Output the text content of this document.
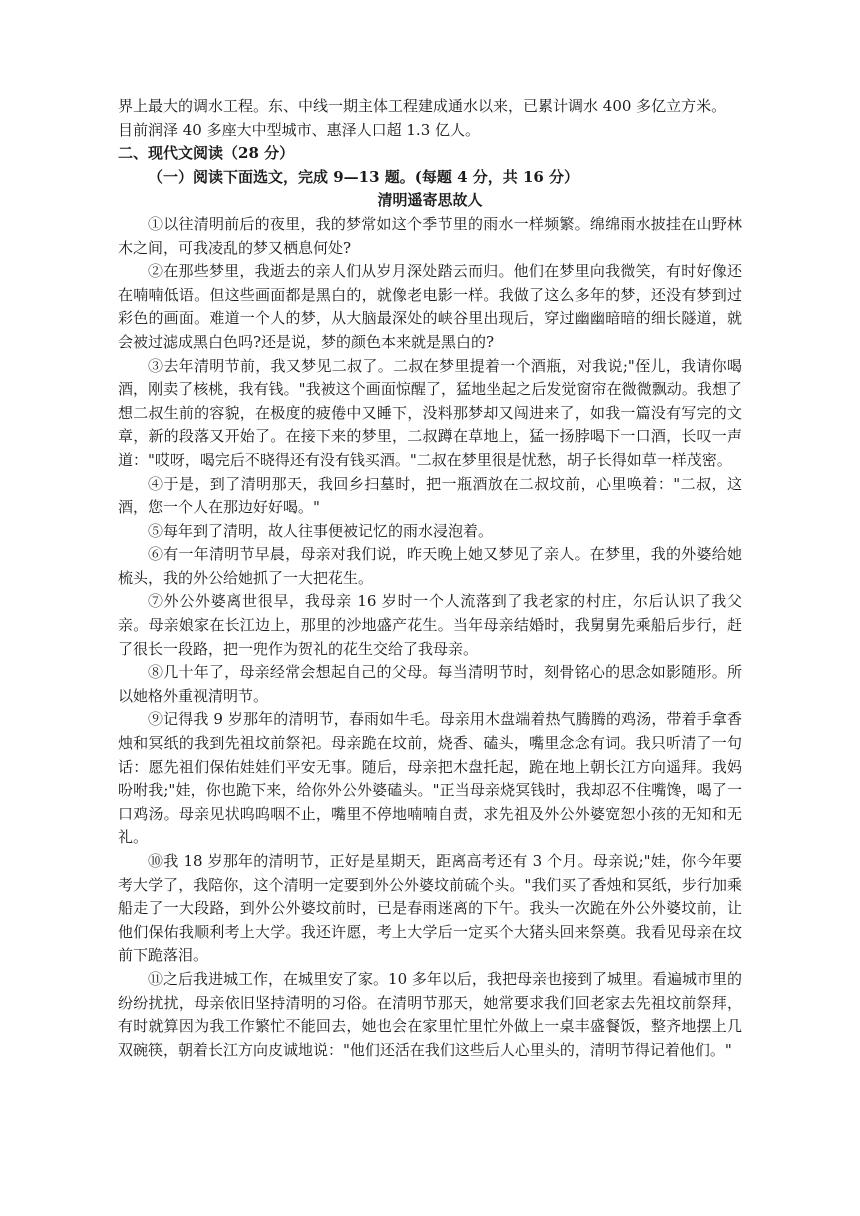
界上最大的调水工程。东、中线一期主体工程建成通水以来，已累计调水 400 多亿立方米。

目前润泽 40 多座大中型城市、惠泽人口超 1.3 亿人。

二、现代文阅读（28 分）

（一）阅读下面选文，完成 9—13 题。(每题 4 分，共 16 分）

清明遥寄思故人

①以往清明前后的夜里，我的梦常如这个季节里的雨水一样频繁。绵绵雨水披挂在山野林木之间，可我凌乱的梦又栖息何处?

②在那些梦里，我逝去的亲人们从岁月深处踏云而归。他们在梦里向我微笑，有时好像还在喃喃低语。但这些画面都是黑白的，就像老电影一样。我做了这么多年的梦，还没有梦到过彩色的画面。难道一个人的梦，从大脑最深处的峡谷里出现后，穿过幽幽暗暗的细长隧道，就会被过滤成黑白色吗?还是说，梦的颜色本来就是黑白的?

③去年清明节前，我又梦见二叔了。二叔在梦里提着一个酒瓶，对我说;"侄儿，我请你喝酒，刚卖了核桃，我有钱。"我被这个画面惊醒了，猛地坐起之后发觉窗帘在微微飘动。我想了想二叔生前的容貌，在极度的疲倦中又睡下，没料那梦却又闯进来了，如我一篇没有写完的文章，新的段落又开始了。在接下来的梦里，二叔蹲在草地上，猛一扬脖喝下一口酒，长叹一声道："哎呀，喝完后不晓得还有没有钱买酒。"二叔在梦里很是忧愁，胡子长得如草一样茂密。

④于是，到了清明那天，我回乡扫墓时，把一瓶酒放在二叔坟前，心里唤着："二叔，这酒，您一个人在那边好好喝。"

⑤每年到了清明，故人往事便被记忆的雨水浸泡着。

⑥有一年清明节早晨，母亲对我们说，昨天晚上她又梦见了亲人。在梦里，我的外婆给她梳头，我的外公给她抓了一大把花生。

⑦外公外婆离世很早，我母亲 16 岁时一个人流落到了我老家的村庄，尔后认识了我父亲。母亲娘家在长江边上，那里的沙地盛产花生。当年母亲结婚时，我舅舅先乘船后步行，赶了很长一段路，把一兜作为贺礼的花生交给了我母亲。

⑧几十年了，母亲经常会想起自己的父母。每当清明节时，刻骨铭心的思念如影随形。所以她格外重视清明节。

⑨记得我 9 岁那年的清明节，春雨如牛毛。母亲用木盘端着热气腾腾的鸡汤，带着手拿香烛和冥纸的我到先祖坟前祭祀。母亲跪在坟前，烧香、磕头，嘴里念念有词。我只听清了一句话：愿先祖们保佑娃娃们平安无事。随后，母亲把木盘托起，跪在地上朝长江方向遥拜。我妈吩咐我;"娃，你也跪下来，给你外公外婆磕头。"正当母亲烧冥钱时，我却忍不住嘴馋，喝了一口鸡汤。母亲见状呜呜咽不止，嘴里不停地喃喃自责，求先祖及外公外婆宽恕小孩的无知和无礼。

⑩我 18 岁那年的清明节，正好是星期天，距离高考还有 3 个月。母亲说;"娃，你今年要考大学了，我陪你，这个清明一定要到外公外婆坟前硫个头。"我们买了香烛和冥纸，步行加乘船走了一大段路，到外公外婆坟前时，已是春雨迷离的下午。我头一次跪在外公外婆坟前，让他们保佑我顺利考上大学。我还许愿，考上大学后一定买个大猪头回来祭奠。我看见母亲在坟前下跪落泪。

⑪之后我进城工作，在城里安了家。10 多年以后，我把母亲也接到了城里。看遍城市里的纷纷扰扰，母亲依旧坚持清明的习俗。在清明节那天，她常要求我们回老家去先祖坟前祭拜，有时就算因为我工作繁忙不能回去，她也会在家里忙里忙外做上一桌丰盛餐饭，整齐地摆上几双碗筷，朝着长江方向皮诚地说："他们还活在我们这些后人心里头的，清明节得记着他们。"
